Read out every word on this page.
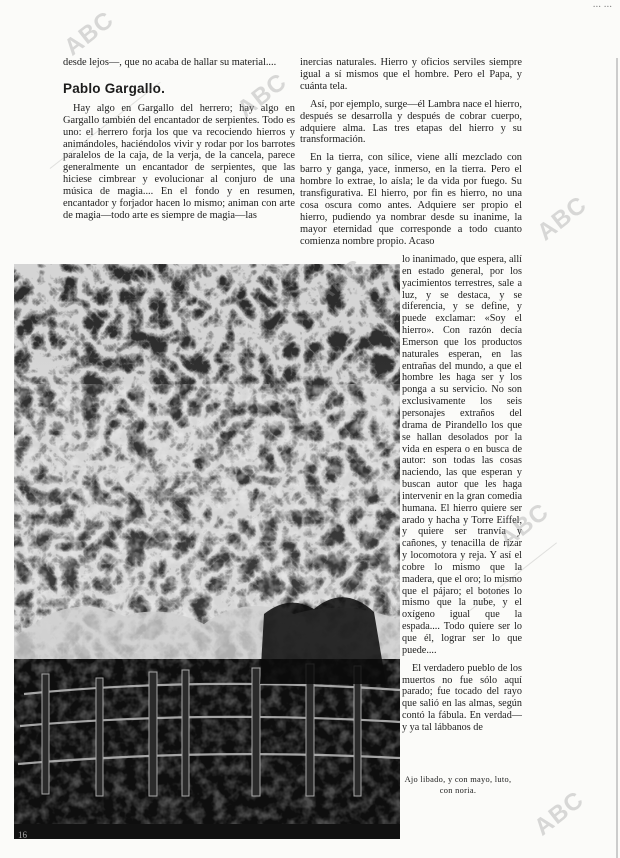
... ...

desde lejos—, que no acaba de hallar su material....

Pablo Gargallo.

Hay algo en Gargallo del herrero; hay algo en Gargallo también del encantador de serpientes. Todo es uno: el herrero forja los que va recociendo hierros y animándoles, haciéndolos vivir y rodar por los barrotes paralelos de la caja, de la verja, de la cancela, parece generalmente un encantador de serpientes, que las hiciese cimbrear y evolucionar al conjuro de una música de magia.... En el fondo y en resumen, encantador y forjador hacen lo mismo; animan con arte de magia—todo arte es siempre de magia—las

inercias naturales. Hierro y oficios serviles siempre igual a sí mismos que el hombre. Pero el Papa, y cuánta tela.

Así, por ejemplo, surge—él Lambra nace el hierro, después se desarrolla y después de cobrar cuerpo, adquiere alma. Las tres etapas del hierro y su transformación.

En la tierra, con sílice, viene allí mezclado con barro y ganga, yace, inmerso, en la tierra. Pero el hombre lo extrae, lo aísla; le da vida por fuego. Su transfigurativa. El hierro, por fin es hierro, no una cosa oscura como antes. Adquiere ser propio el hierro, pudiendo ya nombrar desde su inanime, la mayor eternidad que corresponde a todo cuanto comienza nombre propio. Acaso

lo inanimado, que espera, allí en estado general, por los yacimientos terrestres, sale a luz, y se destaca, y se diferencia, y se define, y puede exclamar: «Soy el hierro». Con razón decía Emerson que los productos naturales esperan, en las entrañas del mundo, a que el hombre les haga ser y los ponga a su servicio. No son exclusivamente los seis personajes extraños del drama de Pirandello los que se hallan desolados por la vida en espera o en busca de autor: son todas las cosas naciendo, las que esperan y buscan autor que les haga intervenir en la gran comedia humana. El hierro quiere ser arado y hacha y Torre Eiffel, y quiere ser tranvía y cañones, y tenacilla de rizar y locomotora y reja. Y así el cobre lo mismo que la madera, que el oro; lo mismo que el pájaro; el botones lo mismo que la nube, y el oxígeno igual que la espada.... Todo quiere ser lo que él, lograr ser lo que puede....

El verdadero pueblo de los muertos no fue sólo aquí parado; fue tocado del rayo que salió en las almas, según contó la fábula. En verdad—y ya tal lábbanos de

Ajo libado, y con mayo, luto, con noria.
ABC
ABC
ABC
ABC
ABC
ABC
16
